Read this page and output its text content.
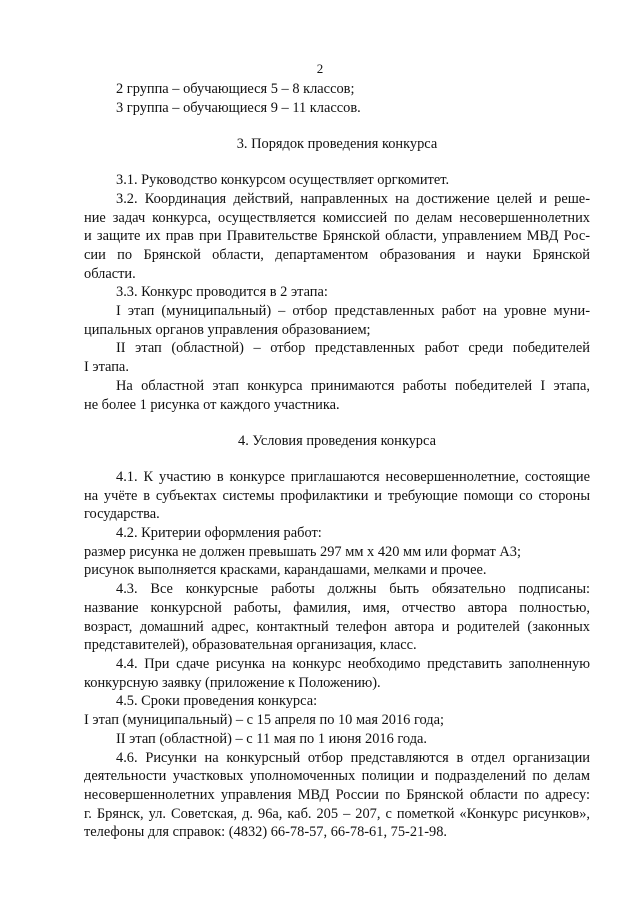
2

2 группа – обучающиеся 5 – 8 классов;

3 группа – обучающиеся 9 – 11 классов.

3. Порядок проведения конкурса

3.1. Руководство конкурсом осуществляет оргкомитет.

3.2. Координация действий, направленных на достижение целей и реше-

ние задач конкурса, осуществляется комиссией по делам несовершеннолетних

и защите их прав при Правительстве Брянской области, управлением МВД Рос-

сии по Брянской области, департаментом образования и науки Брянской

области.

3.3. Конкурс проводится в 2 этапа:

I этап (муниципальный) – отбор представленных работ на уровне муни-

ципальных органов управления образованием;

II этап (областной) – отбор представленных работ среди победителей

I этапа.

На областной этап конкурса принимаются работы победителей I этапа,

не более 1 рисунка от каждого участника.

4. Условия проведения конкурса

4.1. К участию в конкурсе приглашаются несовершеннолетние, состоящие

на учёте в субъектах системы профилактики и требующие помощи со стороны

государства.

4.2. Критерии оформления работ:

размер рисунка не должен превышать 297 мм х 420 мм или формат А3;

рисунок выполняется красками, карандашами, мелками и прочее.

4.3. Все конкурсные работы должны быть обязательно подписаны:

название конкурсной работы, фамилия, имя, отчество автора полностью,

возраст, домашний адрес, контактный телефон автора и родителей (законных

представителей), образовательная организация, класс.

4.4. При сдаче рисунка на конкурс необходимо представить заполненную

конкурсную заявку (приложение к Положению).

4.5. Сроки проведения конкурса:

I этап (муниципальный) – с 15 апреля по 10 мая 2016 года;

II этап (областной) – с 11 мая по 1 июня 2016 года.

4.6. Рисунки на конкурсный отбор представляются в отдел организации

деятельности участковых уполномоченных полиции и подразделений по делам

несовершеннолетних управления МВД России по Брянской области по адресу:

г. Брянск, ул. Советская, д. 96а, каб. 205 – 207, с пометкой «Конкурс рисунков»,

телефоны для справок: (4832) 66-78-57, 66-78-61, 75-21-98.
